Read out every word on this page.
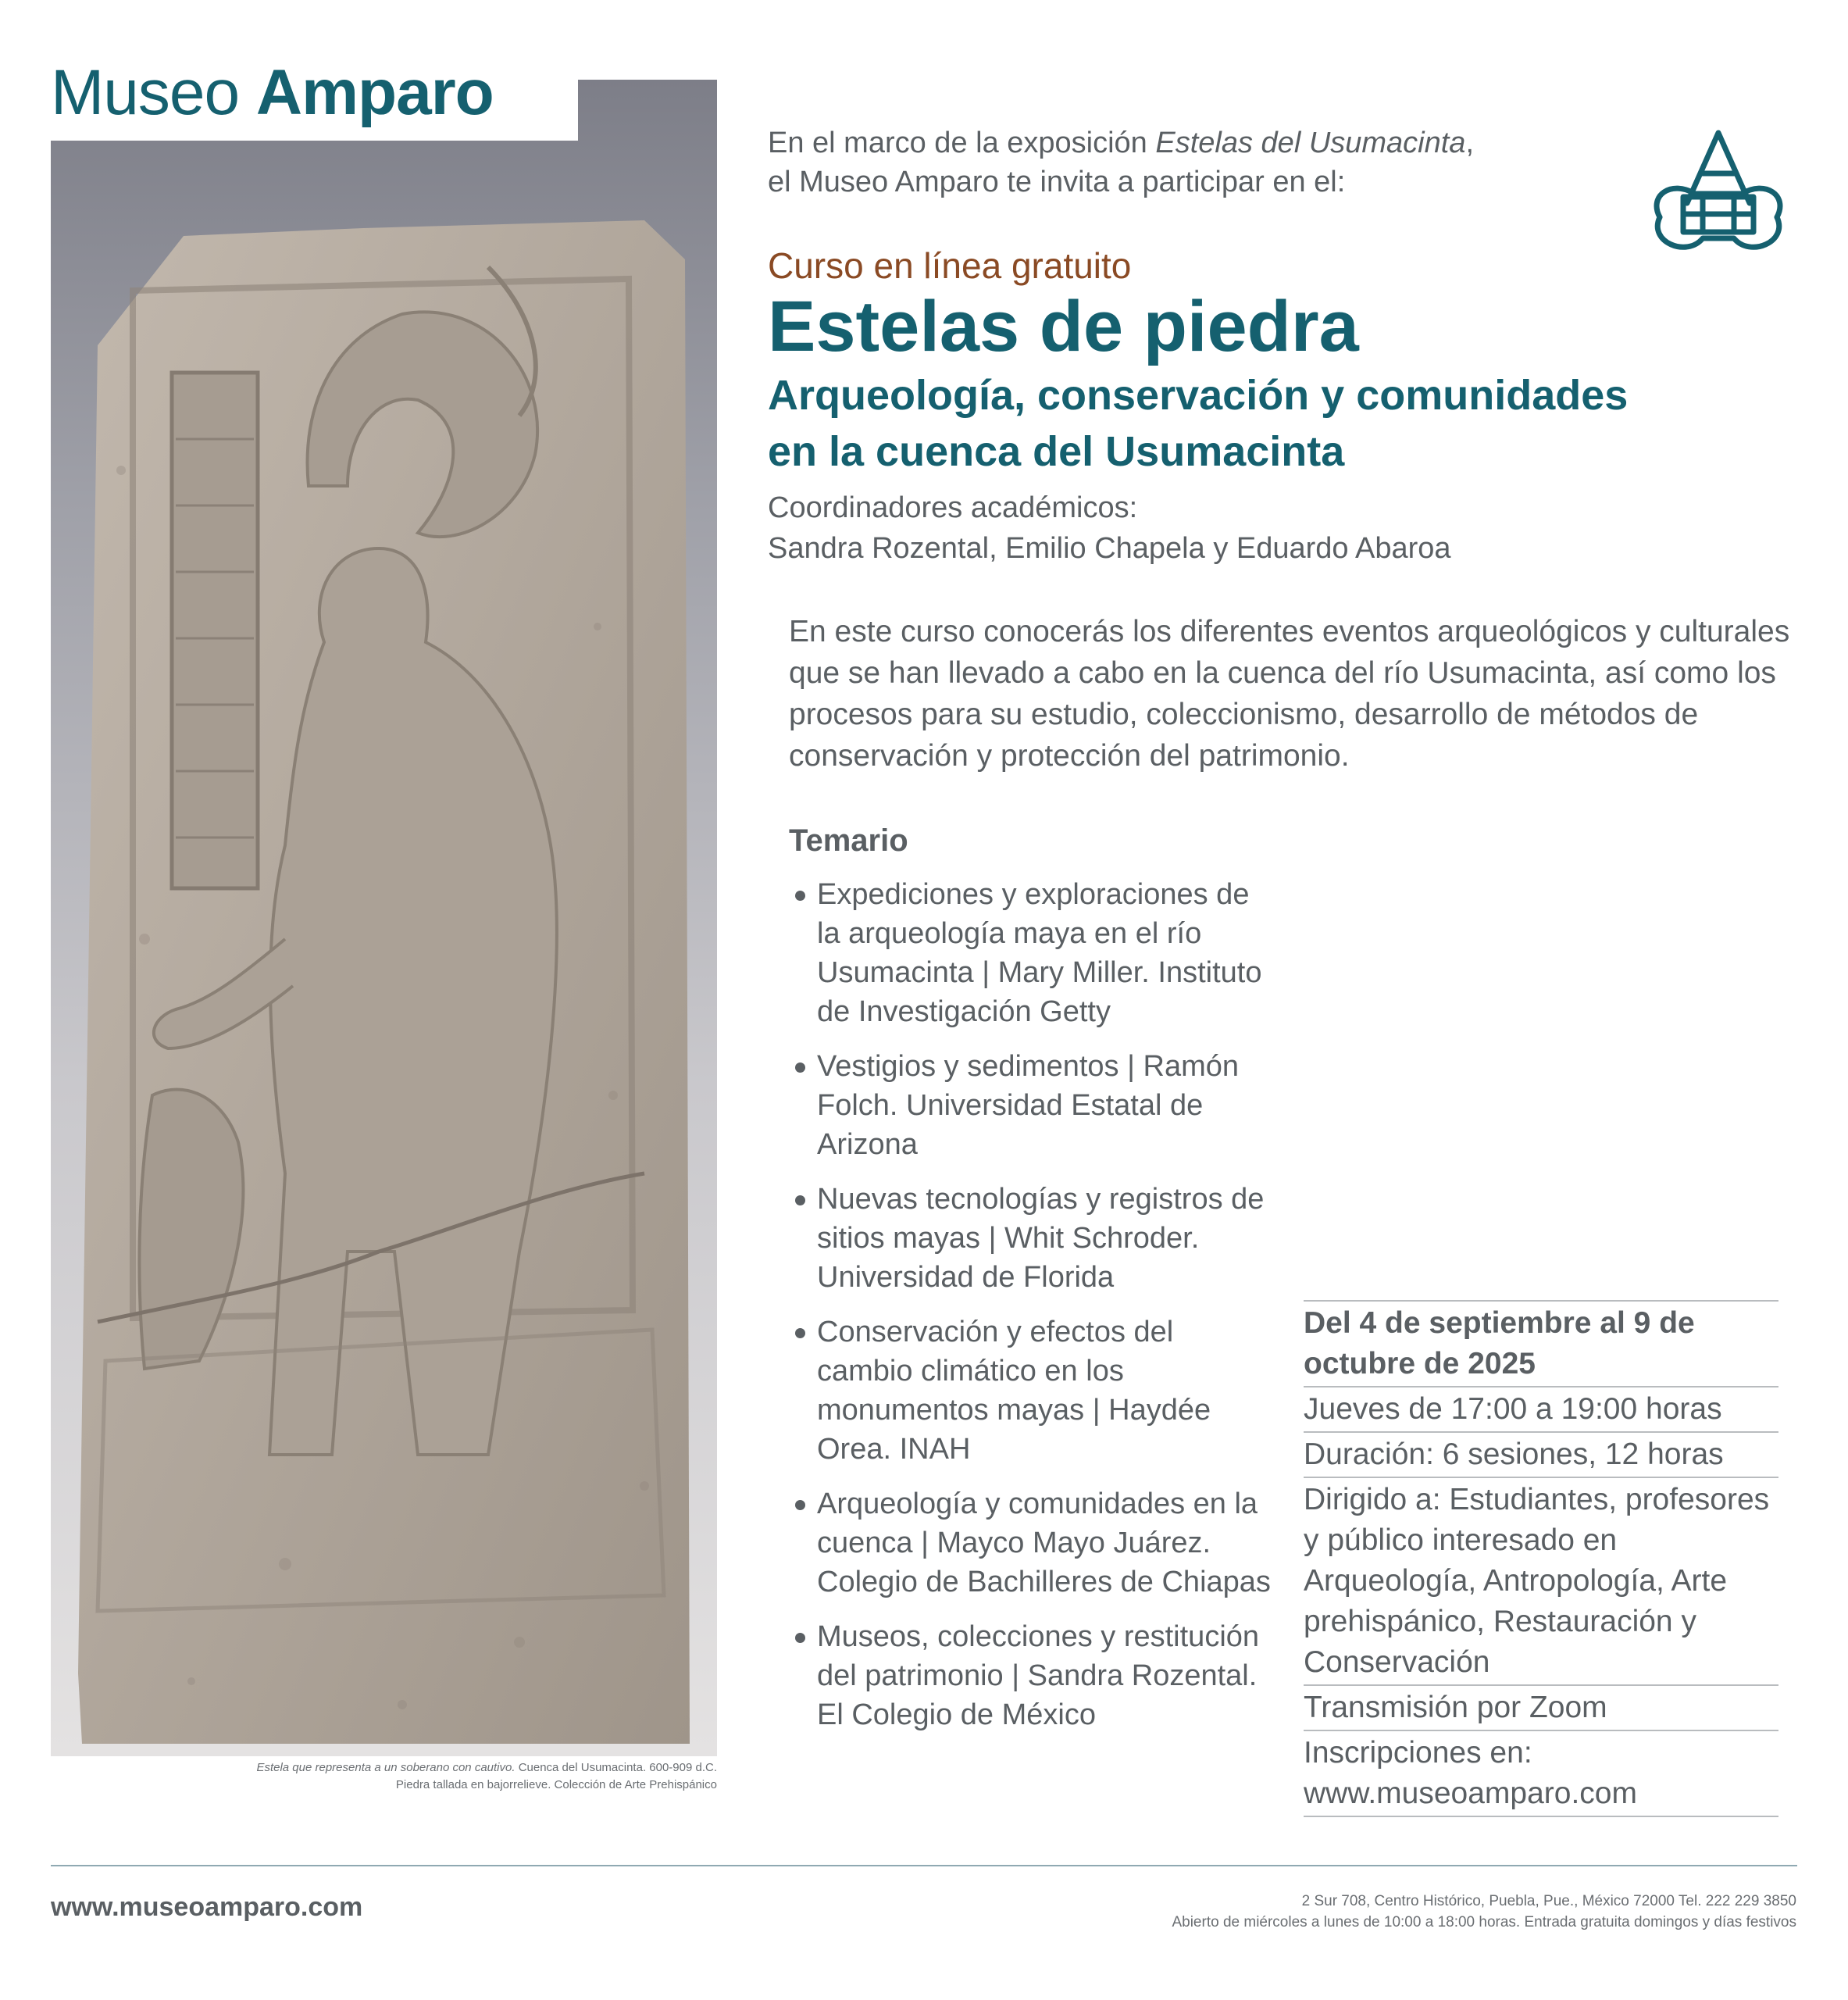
Museo Amparo
Estela que representa a un soberano con cautivo. Cuenca del Usumacinta. 600-909 d.C.
Piedra tallada en bajorrelieve. Colección de Arte Prehispánico
En el marco de la exposición Estelas del Usumacinta,
el Museo Amparo te invita a participar en el:
Curso en línea gratuito
Estelas de piedra
Arqueología, conservación y comunidades
en la cuenca del Usumacinta
Coordinadores académicos:
Sandra Rozental, Emilio Chapela y Eduardo Abaroa
En este curso conocerás los diferentes eventos arqueológicos y culturales que se han llevado a cabo en la cuenca del río Usumacinta, así como los procesos para su estudio, coleccionismo, desarrollo de métodos de conservación y protección del patrimonio.
Temario
Expediciones y exploraciones de la arqueología maya en el río Usumacinta | Mary Miller. Instituto de Investigación Getty
Vestigios y sedimentos | Ramón Folch. Universidad Estatal de Arizona
Nuevas tecnologías y registros de sitios mayas | Whit Schroder. Universidad de Florida
Conservación y efectos del cambio climático en los monumentos mayas | Haydée Orea. INAH
Arqueología y comunidades en la cuenca | Mayco Mayo Juárez. Colegio de Bachilleres de Chiapas
Museos, colecciones y restitución del patrimonio | Sandra Rozental. El Colegio de México
Del 4 de septiembre al 9 de octubre de 2025
Jueves de 17:00 a 19:00 horas
Duración: 6 sesiones, 12 horas
Dirigido a: Estudiantes, profesores y público interesado en Arqueología, Antropología, Arte prehispánico, Restauración y Conservación
Transmisión por Zoom
Inscripciones en:
www.museoamparo.com
www.museoamparo.com	2 Sur 708, Centro Histórico, Puebla, Pue., México 72000 Tel. 222 229 3850
Abierto de miércoles a lunes de 10:00 a 18:00 horas. Entrada gratuita domingos y días festivos
